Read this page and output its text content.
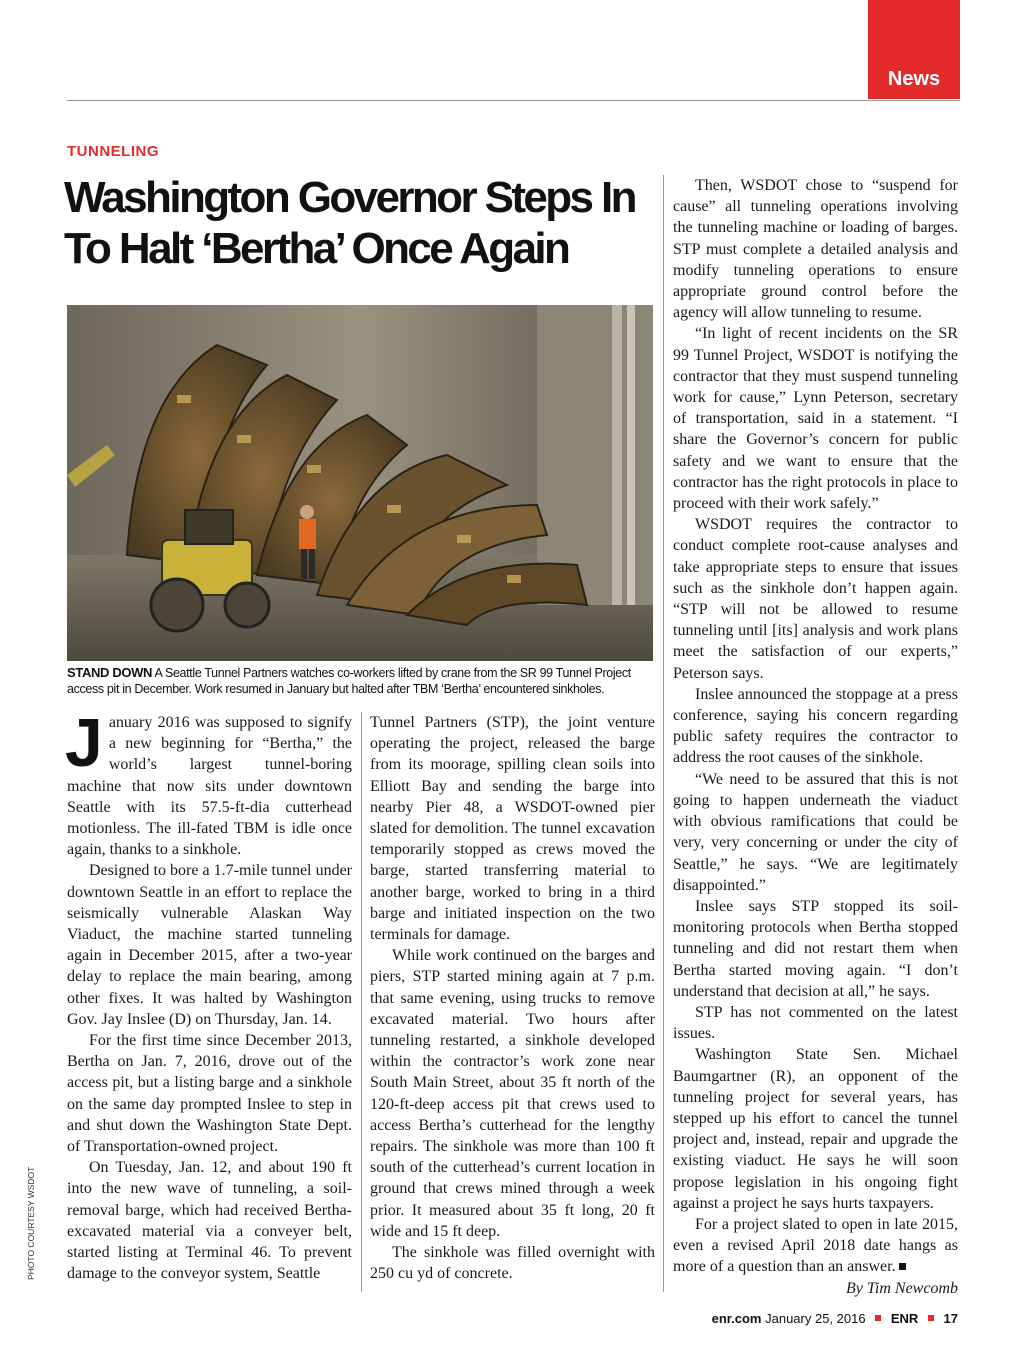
News
TUNNELING
Washington Governor Steps In
To Halt ‘Bertha’ Once Again
STAND DOWN A Seattle Tunnel Partners watches co-workers lifted by crane from the SR 99 Tunnel Project access pit in December. Work resumed in January but halted after TBM ‘Bertha’ encountered sinkholes.
PHOTO COURTESY WSDOT

January 2016 was supposed to signify a new beginning for “Bertha,” the world’s largest tunnel-boring machine that now sits under downtown Seattle with its 57.5-ft-dia cutterhead motionless. The ill-fated TBM is idle once again, thanks to a sinkhole.

Designed to bore a 1.7-mile tunnel under downtown Seattle in an effort to replace the seismically vulnerable Alaskan Way Viaduct, the machine started tunneling again in December 2015, after a two-year delay to replace the main bearing, among other fixes. It was halted by Washington Gov. Jay Inslee (D) on Thursday, Jan. 14.

For the first time since December 2013, Bertha on Jan. 7, 2016, drove out of the access pit, but a listing barge and a sinkhole on the same day prompted Inslee to step in and shut down the Washington State Dept. of Transportation-owned project.

On Tuesday, Jan. 12, and about 190 ft into the new wave of tunneling, a soil-removal barge, which had received Bertha-excavated material via a conveyer belt, started listing at Terminal 46. To prevent damage to the conveyor system, Seattle

Tunnel Partners (STP), the joint venture operating the project, released the barge from its moorage, spilling clean soils into Elliott Bay and sending the barge into nearby Pier 48, a WSDOT-owned pier slated for demolition. The tunnel excavation temporarily stopped as crews moved the barge, started transferring material to another barge, worked to bring in a third barge and initiated inspection on the two terminals for damage.

While work continued on the barges and piers, STP started mining again at 7 p.m. that same evening, using trucks to remove excavated material. Two hours after tunneling restarted, a sinkhole developed within the contractor’s work zone near South Main Street, about 35 ft north of the 120-ft-deep access pit that crews used to access Bertha’s cutterhead for the lengthy repairs. The sinkhole was more than 100 ft south of the cutterhead’s current location in ground that crews mined through a week prior. It measured about 35 ft long, 20 ft wide and 15 ft deep.

The sinkhole was filled overnight with 250 cu yd of concrete.

Then, WSDOT chose to “suspend for cause” all tunneling operations involving the tunneling machine or loading of barges. STP must complete a detailed analysis and modify tunneling operations to ensure appropriate ground control before the agency will allow tunneling to resume.

“In light of recent incidents on the SR 99 Tunnel Project, WSDOT is notifying the contractor that they must suspend tunneling work for cause,” Lynn Peterson, secretary of transportation, said in a statement. “I share the Governor’s concern for public safety and we want to ensure that the contractor has the right protocols in place to proceed with their work safely.”

WSDOT requires the contractor to conduct complete root-cause analyses and take appropriate steps to ensure that issues such as the sinkhole don’t happen again. “STP will not be allowed to resume tunneling until [its] analysis and work plans meet the satisfaction of our experts,” Peterson says.

Inslee announced the stoppage at a press conference, saying his concern regarding public safety requires the contractor to address the root causes of the sinkhole.

“We need to be assured that this is not going to happen underneath the viaduct with obvious ramifications that could be very, very concerning or under the city of Seattle,” he says. “We are legitimately disappointed.”

Inslee says STP stopped its soil-monitoring protocols when Bertha stopped tunneling and did not restart them when Bertha started moving again. “I don’t understand that decision at all,” he says.

STP has not commented on the latest issues.

Washington State Sen. Michael Baumgartner (R), an opponent of the tunneling project for several years, has stepped up his effort to cancel the tunnel project and, instead, repair and upgrade the existing viaduct. He says he will soon propose legislation in his ongoing fight against a project he says hurts taxpayers.

For a project slated to open in late 2015, even a revised April 2018 date hangs as more of a question than an answer.

By Tim Newcomb

enr.com January 25, 2016 ENR 17
